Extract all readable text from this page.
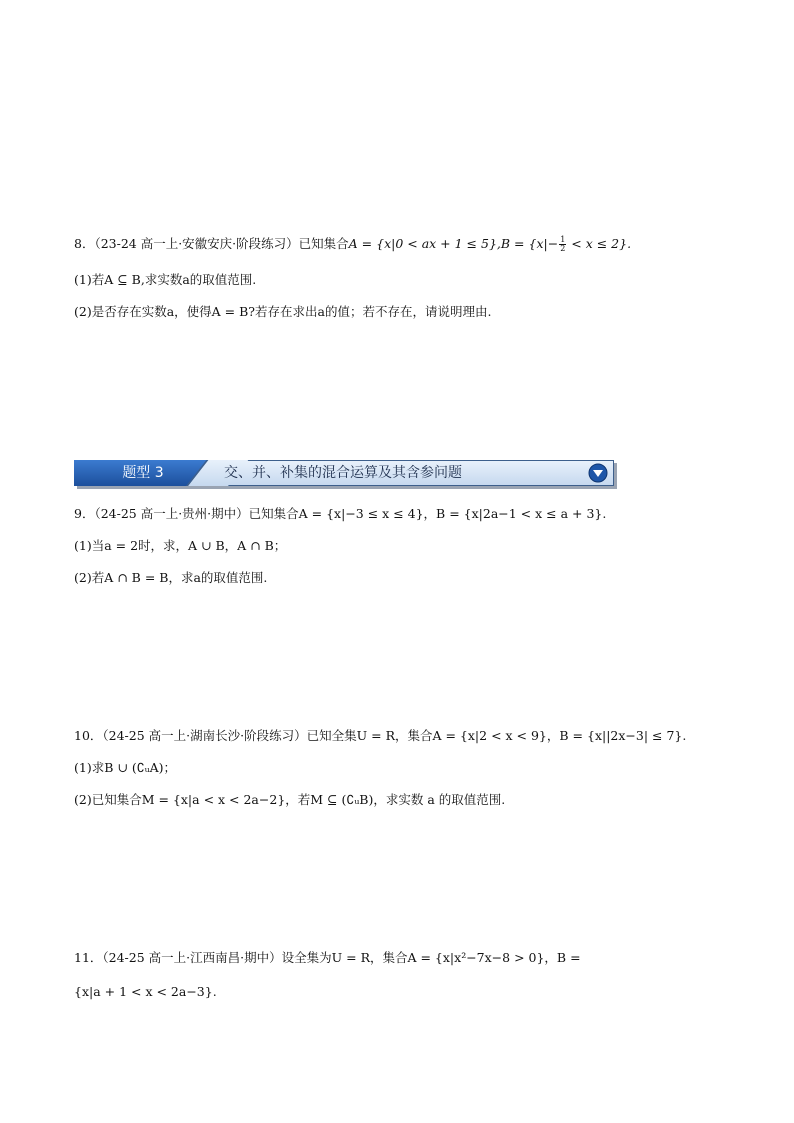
8．（23-24 高一上·安徽安庆·阶段练习）已知集合A = {x|0 < ax + $1 \le 5\},B = \{x|- \frac{1}{2} < x \le 2\}$.
(1)若A ⊆ B,求实数a的取值范围.
(2)是否存在实数a，使得A = B?若存在求出a的值；若不存在，请说明理由.
题型 3	交、并、补集的混合运算及其含参问题
9．（24-25 高一上·贵州·期中）已知集合A = {x|−3 ≤ x ≤ 4}，B = {x|2a−1 < x ≤ a + 3}.
(1)当a = 2时，求，A ∪ B，A ∩ B；
(2)若A ∩ B = B，求a的取值范围.
10．（24-25 高一上·湖南长沙·阶段练习）已知全集U = R，集合A = {x|2 < x < 9}，B = {x||2x−3| ≤ 7}.
(1)求B ∪ (∁ᵤA)；
(2)已知集合M = {x|a < x < 2a−2}，若M ⊆ (∁ᵤB)，求实数 a 的取值范围.
11．（24-25 高一上·江西南昌·期中）设全集为U = R，集合A = {x|x²−7x−8 > 0}，B =
{x|a + 1 < x < 2a−3}.
